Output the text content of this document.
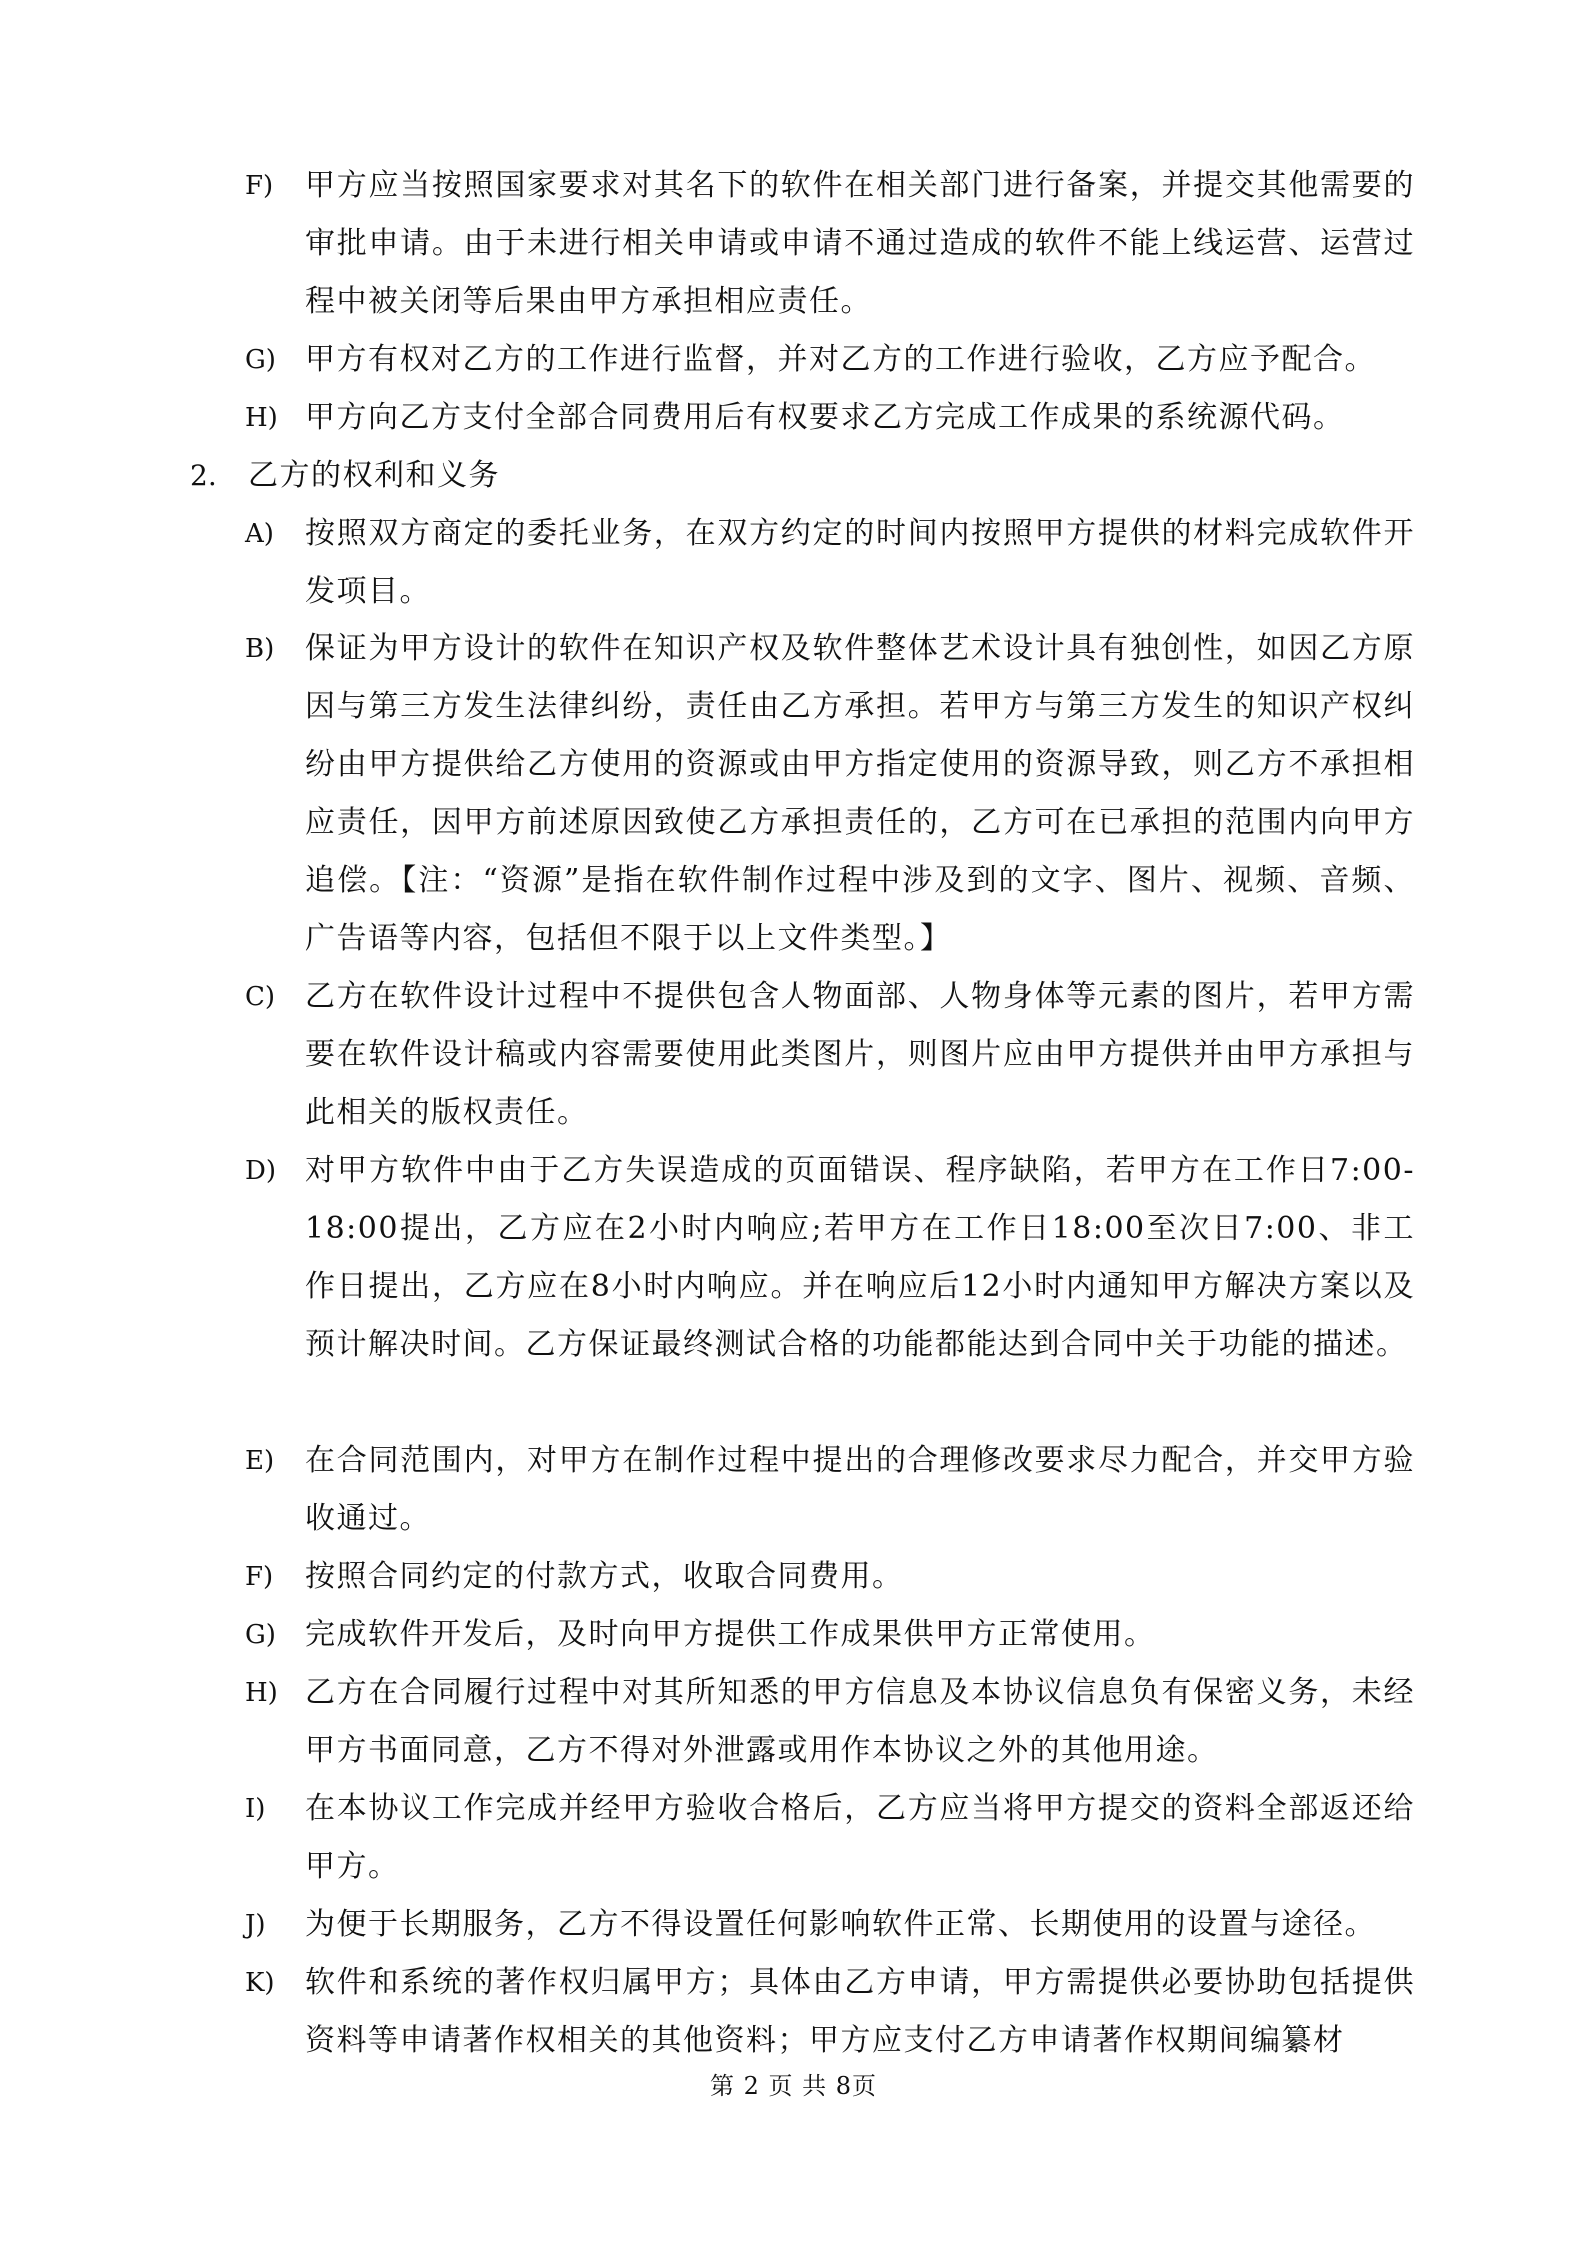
F) 甲方应当按照国家要求对其名下的软件在相关部门进行备案，并提交其他需要的审批申请。由于未进行相关申请或申请不通过造成的软件不能上线运营、运营过程中被关闭等后果由甲方承担相应责任。
G) 甲方有权对乙方的工作进行监督，并对乙方的工作进行验收，乙方应予配合。
H) 甲方向乙方支付全部合同费用后有权要求乙方完成工作成果的系统源代码。
2. 乙方的权利和义务
A) 按照双方商定的委托业务，在双方约定的时间内按照甲方提供的材料完成软件开发项目。
B) 保证为甲方设计的软件在知识产权及软件整体艺术设计具有独创性，如因乙方原因与第三方发生法律纠纷，责任由乙方承担。若甲方与第三方发生的知识产权纠纷由甲方提供给乙方使用的资源或由甲方指定使用的资源导致，则乙方不承担相应责任，因甲方前述原因致使乙方承担责任的，乙方可在已承担的范围内向甲方追偿。【注：“资源”是指在软件制作过程中涉及到的文字、图片、视频、音频、广告语等内容，包括但不限于以上文件类型。】
C) 乙方在软件设计过程中不提供包含人物面部、人物身体等元素的图片，若甲方需要在软件设计稿或内容需要使用此类图片，则图片应由甲方提供并由甲方承担与此相关的版权责任。
D) 对甲方软件中由于乙方失误造成的页面错误、程序缺陷，若甲方在工作日7:00-18:00提出，乙方应在2小时内响应;若甲方在工作日18:00至次日7:00、非工作日提出，乙方应在8小时内响应。并在响应后12小时内通知甲方解决方案以及预计解决时间。乙方保证最终测试合格的功能都能达到合同中关于功能的描述。
E) 在合同范围内，对甲方在制作过程中提出的合理修改要求尽力配合，并交甲方验收通过。
F) 按照合同约定的付款方式，收取合同费用。
G) 完成软件开发后，及时向甲方提供工作成果供甲方正常使用。
H) 乙方在合同履行过程中对其所知悉的甲方信息及本协议信息负有保密义务，未经甲方书面同意，乙方不得对外泄露或用作本协议之外的其他用途。
I) 在本协议工作完成并经甲方验收合格后，乙方应当将甲方提交的资料全部返还给甲方。
J) 为便于长期服务，乙方不得设置任何影响软件正常、长期使用的设置与途径。
K) 软件和系统的著作权归属甲方；具体由乙方申请，甲方需提供必要协助包括提供资料等申请著作权相关的其他资料；甲方应支付乙方申请著作权期间编纂材
第 2 页 共 8页
